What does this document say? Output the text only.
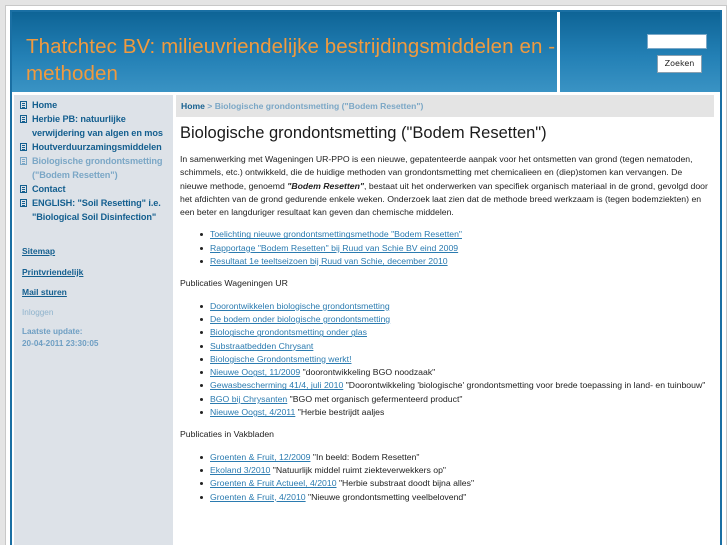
Thatchtec BV: milieuvriendelijke bestrijdingsmiddelen en -methoden	Zoeken
Home
Herbie PB: natuurlijke verwijdering van algen en mos
Houtverduurzamingsmiddelen
Biologische grondontsmetting ("Bodem Resetten")
Contact
ENGLISH: "Soil Resetting" i.e. "Biological Soil Disinfection"
Sitemap
Printvriendelijk
Mail sturen
Inloggen
Laatste update:
20-04-2011 23:30:05
Home > Biologische grondontsmetting ("Bodem Resetten")
Biologische grondontsmetting ("Bodem Resetten")

In samenwerking met Wageningen UR-PPO is een nieuwe, gepatenteerde aanpak voor het ontsmetten van grond (tegen nematoden, schimmels, etc.) ontwikkeld, die de huidige methoden van grondontsmetting met chemicalieen en (diep)stomen kan vervangen. De nieuwe methode, genoemd "Bodem Resetten", bestaat uit het onderwerken van specifiek organisch materiaal in de grond, gevolgd door het afdichten van de grond gedurende enkele weken. Onderzoek laat zien dat de methode breed werkzaam is (tegen bodemziekten) en een beter en langduriger resultaat kan geven dan chemische middelen.

Toelichting nieuwe grondontsmettingsmethode "Bodem Resetten"
Rapportage "Bodem Resetten" bij Ruud van Schie BV eind 2009
Resultaat 1e teeltseizoen bij Ruud van Schie, december 2010

Publicaties Wageningen UR

Doorontwikkelen biologische grondontsmetting
De bodem onder biologische grondontsmetting
Biologische grondontsmetting onder glas
Substraatbedden Chrysant
Biologische Grondontsmetting werkt!
Nieuwe Oogst, 11/2009 "doorontwikkeling BGO noodzaak"
Gewasbescherming 41/4, juli 2010 "Doorontwikkeling 'biologische' grondontsmetting voor brede toepassing in land- en tuinbouw"
BGO bij Chrysanten "BGO met organisch gefermenteerd product"
Nieuwe Oogst, 4/2011 "Herbie bestrijdt aaljes

Publicaties in Vakbladen

Groenten & Fruit, 12/2009 "In beeld: Bodem Resetten"
Ekoland 3/2010 "Natuurlijk middel ruimt ziekteverwekkers op"
Groenten & Fruit Actueel, 4/2010 "Herbie substraat doodt bijna alles"
Groenten & Fruit, 4/2010 "Nieuwe grondontsmetting veelbelovend"
